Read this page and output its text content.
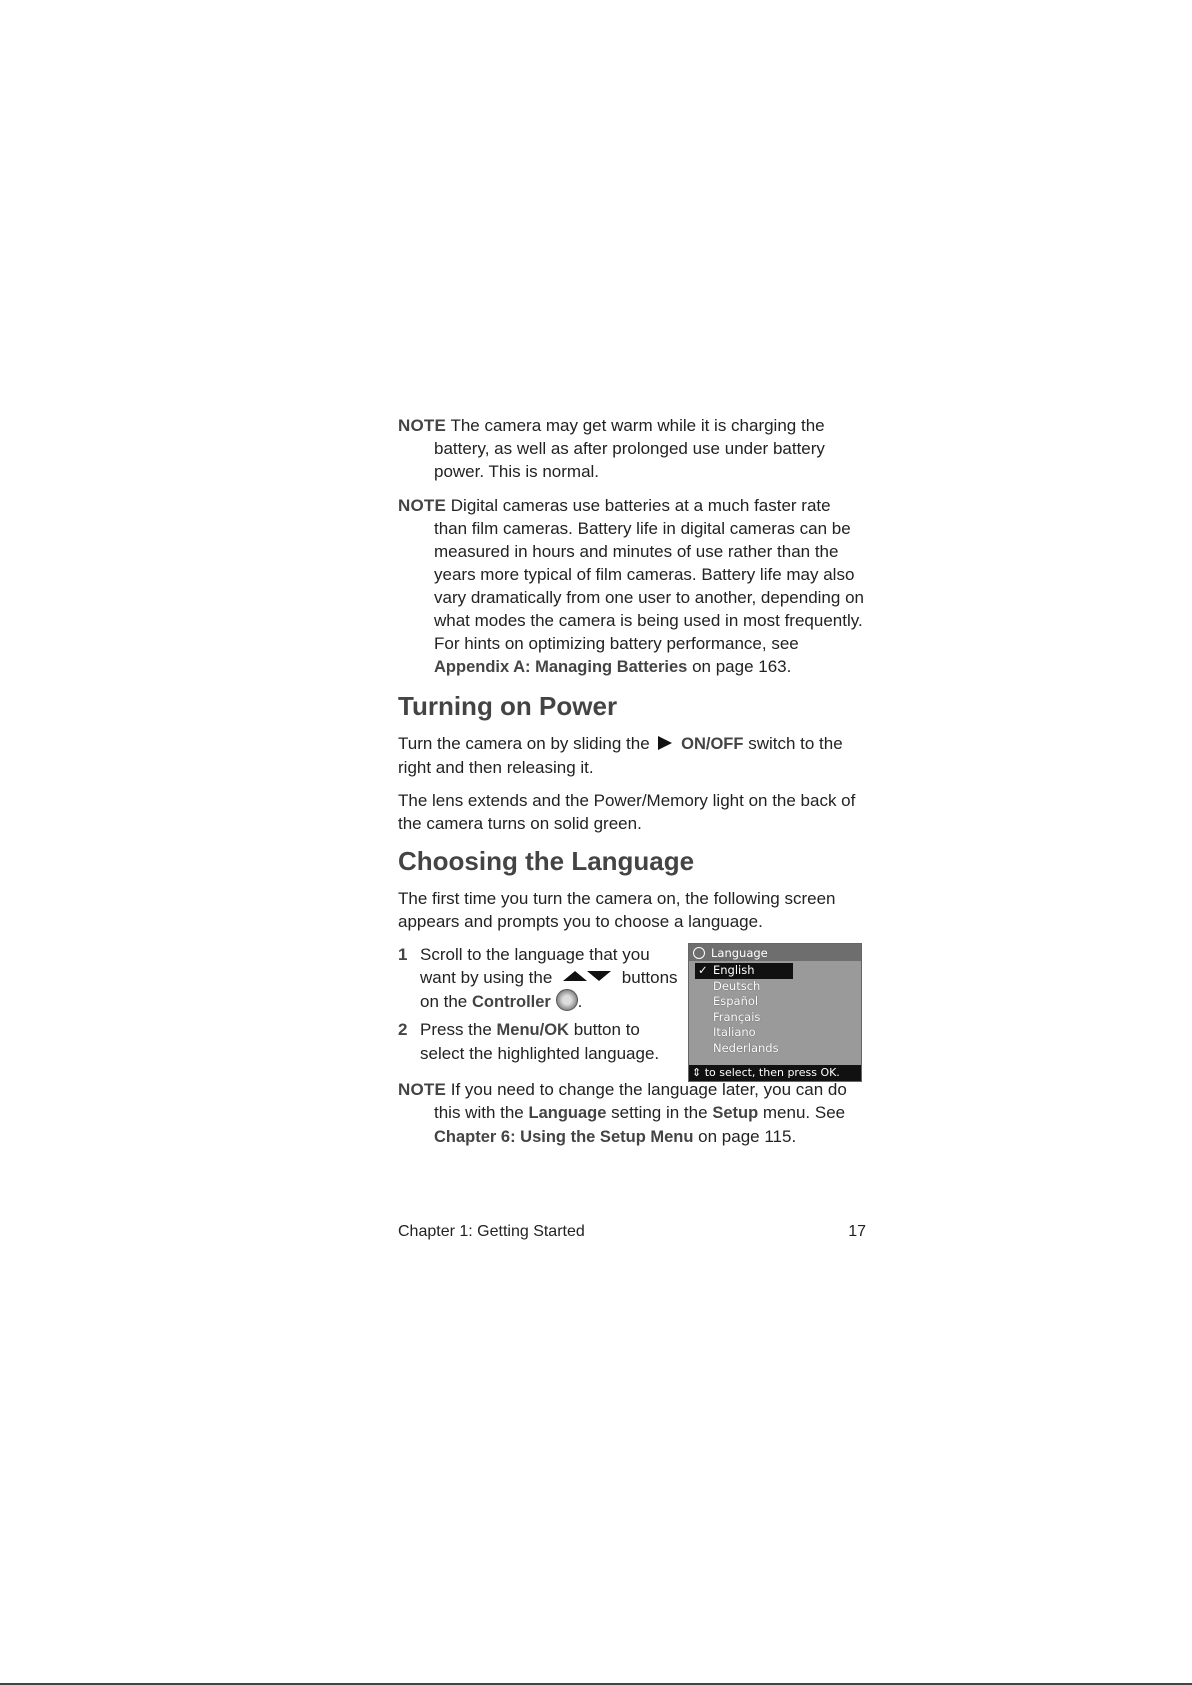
NOTE The camera may get warm while it is charging the battery, as well as after prolonged use under battery power. This is normal.

NOTE Digital cameras use batteries at a much faster rate than film cameras. Battery life in digital cameras can be measured in hours and minutes of use rather than the years more typical of film cameras. Battery life may also vary dramatically from one user to another, depending on what modes the camera is being used in most frequently. For hints on optimizing battery performance, see Appendix A: Managing Batteries on page 163.

Turning on Power

Turn the camera on by sliding the ON/OFF switch to the right and then releasing it.

The lens extends and the Power/Memory light on the back of the camera turns on solid green.

Choosing the Language

The first time you turn the camera on, the following screen appears and prompts you to choose a language.

1 Scroll to the language that you want by using the	buttons on the Controller .

2 Press the Menu/OK button to select the highlighted language.

Language
✓ English
Deutsch
Español
Français
Italiano
Nederlands
⇕ to select, then press OK.

NOTE If you need to change the language later, you can do this with the Language setting in the Setup menu. See Chapter 6: Using the Setup Menu on page 115.

Chapter 1: Getting Started	17
